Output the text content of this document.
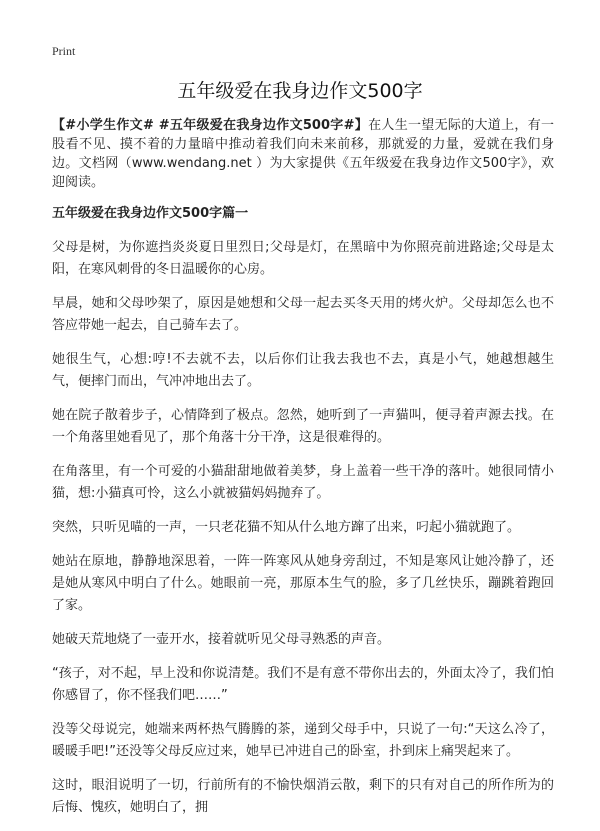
Print
五年级爱在我身边作文500字

【#小学生作文# #五年级爱在我身边作文500字#】在人生一望无际的大道上，有一股看不见、摸不着的力量暗中推动着我们向未来前移，那就爱的力量，爱就在我们身边。文档网（www.wendang.net ）为大家提供《五年级爱在我身边作文500字》，欢迎阅读。

五年级爱在我身边作文500字篇一

父母是树，为你遮挡炎炎夏日里烈日;父母是灯，在黑暗中为你照亮前进路途;父母是太阳，在寒风刺骨的冬日温暖你的心房。

早晨，她和父母吵架了，原因是她想和父母一起去买冬天用的烤火炉。父母却怎么也不答应带她一起去，自己骑车去了。

她很生气，心想:哼!不去就不去，以后你们让我去我也不去，真是小气，她越想越生气，便摔门而出，气冲冲地出去了。

她在院子散着步子，心情降到了极点。忽然，她听到了一声猫叫，便寻着声源去找。在一个角落里她看见了，那个角落十分干净，这是很难得的。

在角落里，有一个可爱的小猫甜甜地做着美梦，身上盖着一些干净的落叶。她很同情小猫，想:小猫真可怜，这么小就被猫妈妈抛弃了。

突然，只听见喵的一声，一只老花猫不知从什么地方蹿了出来，叼起小猫就跑了。

她站在原地，静静地深思着，一阵一阵寒风从她身旁刮过，不知是寒风让她冷静了，还是她从寒风中明白了什么。她眼前一亮，那原本生气的脸，多了几丝快乐，蹦跳着跑回了家。

她破天荒地烧了一壶开水，接着就听见父母寻熟悉的声音。

“孩子，对不起，早上没和你说清楚。我们不是有意不带你出去的，外面太冷了，我们怕你感冒了，你不怪我们吧……”

没等父母说完，她端来两杯热气腾腾的茶，递到父母手中，只说了一句:“天这么冷了，暖暖手吧!”还没等父母反应过来，她早已冲进自己的卧室，扑到床上痛哭起来了。

这时，眼泪说明了一切，行前所有的不愉快烟消云散，剩下的只有对自己的所作所为的后悔、愧疚，她明白了，拥
